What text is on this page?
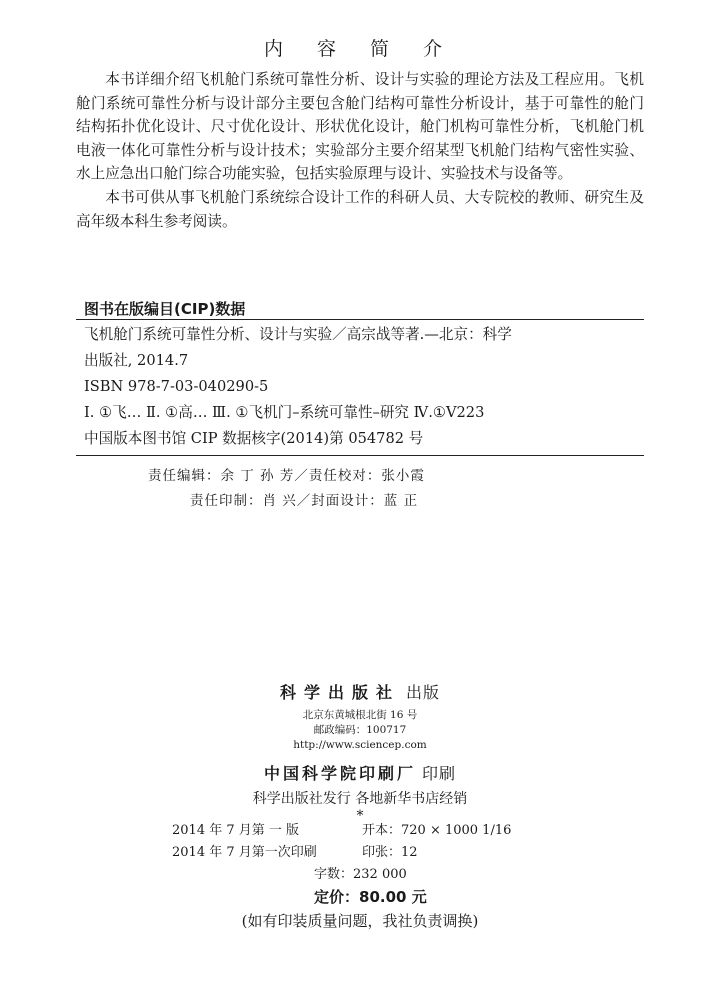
内 容 简 介

本书详细介绍飞机舱门系统可靠性分析、设计与实验的理论方法及工程应用。飞机舱门系统可靠性分析与设计部分主要包含舱门结构可靠性分析设计，基于可靠性的舱门结构拓扑优化设计、尺寸优化设计、形状优化设计，舱门机构可靠性分析，飞机舱门机电液一体化可靠性分析与设计技术；实验部分主要介绍某型飞机舱门结构气密性实验、水上应急出口舱门综合功能实验，包括实验原理与设计、实验技术与设备等。

本书可供从事飞机舱门系统综合设计工作的科研人员、大专院校的教师、研究生及高年级本科生参考阅读。

图书在版编目(CIP)数据
飞机舱门系统可靠性分析、设计与实验／高宗战等著.—北京：科学
出版社, 2014.7
ISBN 978-7-03-040290-5
Ⅰ. ①飞… Ⅱ. ①高… Ⅲ. ①飞机门–系统可靠性–研究 Ⅳ.①V223
中国版本图书馆 CIP 数据核字(2014)第 054782 号
责任编辑：余 丁 孙 芳／责任校对：张小霞
责任印制：肖 兴／封面设计：蓝 正
科学出版社 出版
北京东黄城根北街 16 号
邮政编码：100717
http://www.sciencep.com
中国科学院印刷厂 印刷
科学出版社发行 各地新华书店经销
*
2014 年 7 月第 一 版	开本：720 × 1000 1/16
2014 年 7 月第一次印刷	印张：12
字数：232 000
定价：80.00 元
(如有印装质量问题，我社负责调换)
